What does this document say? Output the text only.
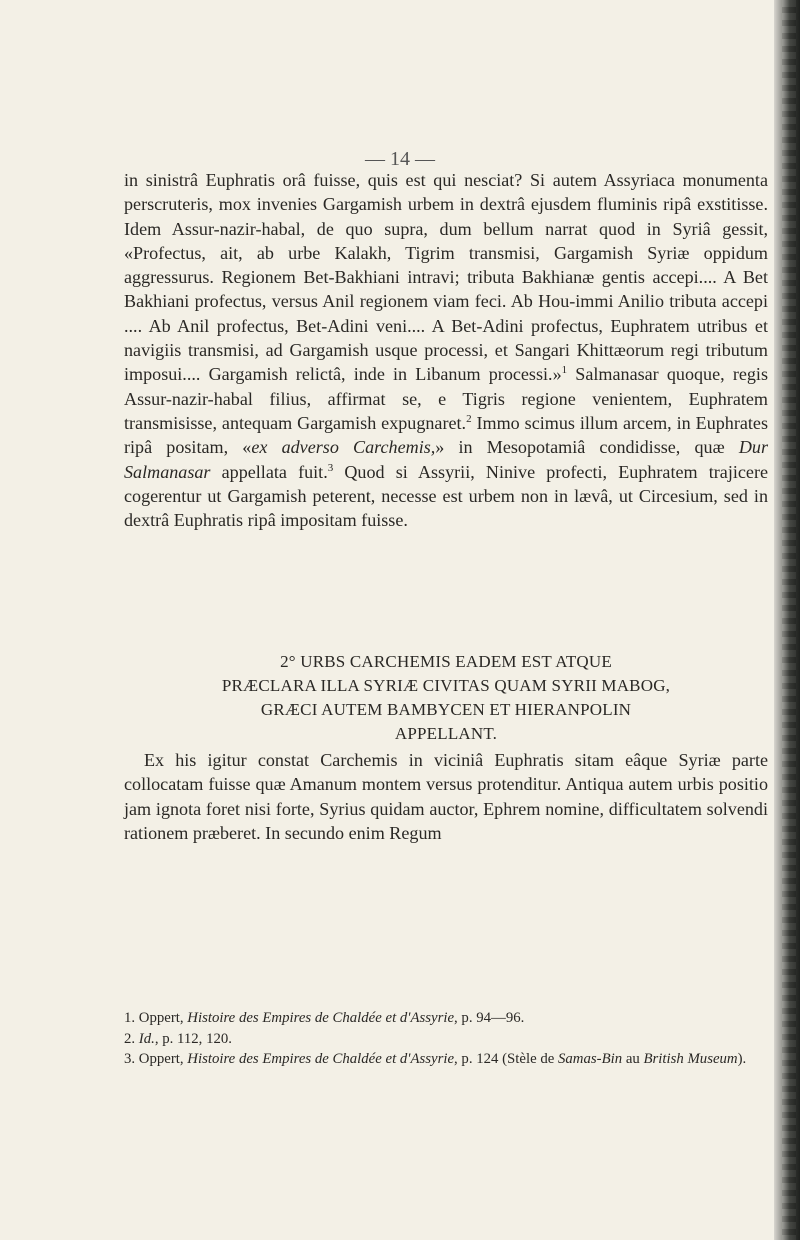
— 14 —
in sinistrâ Euphratis orâ fuisse, quis est qui nesciat? Si autem Assyriaca monumenta perscruteris, mox invenies Gargamish urbem in dextrâ ejusdem fluminis ripâ exstitisse. Idem Assur-nazir-habal, de quo supra, dum bellum narrat quod in Syriâ gessit, «Profectus, ait, ab urbe Kalakh, Tigrim transmisi, Gargamish Syriæ oppidum aggressurus. Regionem Bet-Bakhiani intravi; tributa Bakhianæ gentis accepi.... A Bet Bakhiani profectus, versus Anil regionem viam feci. Ab Hou-immi Anilio tributa accepi .... Ab Anil profectus, Bet-Adini veni.... A Bet-Adini profectus, Euphratem utribus et navigiis transmisi, ad Gargamish usque processi, et Sangari Khittæorum regi tributum imposui.... Gargamish relictâ, inde in Libanum processi.»$^1$ Salmanasar quoque, regis Assur-nazir-habal filius, affirmat se, e Tigris regione venientem, Euphratem transmisisse, antequam Gargamish expugnaret.$^2$ Immo scimus illum arcem, in Euphrates ripâ positam, «ex adverso Carchemis,» in Mesopotamiâ condidisse, quæ Dur Salmanasar appellata fuit.$^3$ Quod si Assyrii, Ninive profecti, Euphratem trajicere cogerentur ut Gargamish peterent, necesse est urbem non in lævâ, ut Circesium, sed in dextrâ Euphratis ripâ impositam fuisse.
2° URBS CARCHEMIS EADEM EST ATQUE
PRÆCLARA ILLA SYRIÆ CIVITAS QUAM SYRII MABOG,
GRÆCI AUTEM BAMBYCEN ET HIERANPOLIN
APPELLANT.
Ex his igitur constat Carchemis in viciniâ Euphratis sitam eâque Syriæ parte collocatam fuisse quæ Amanum montem versus protenditur. Antiqua autem urbis positio jam ignota foret nisi forte, Syrius quidam auctor, Ephrem nomine, difficultatem solvendi rationem præberet. In secundo enim Regum

1. Oppert, Histoire des Empires de Chaldée et d'Assyrie, p. 94—96.

2. Id., p. 112, 120.

3. Oppert, Histoire des Empires de Chaldée et d'Assyrie, p. 124 (Stèle de Samas-Bin au British Museum).
